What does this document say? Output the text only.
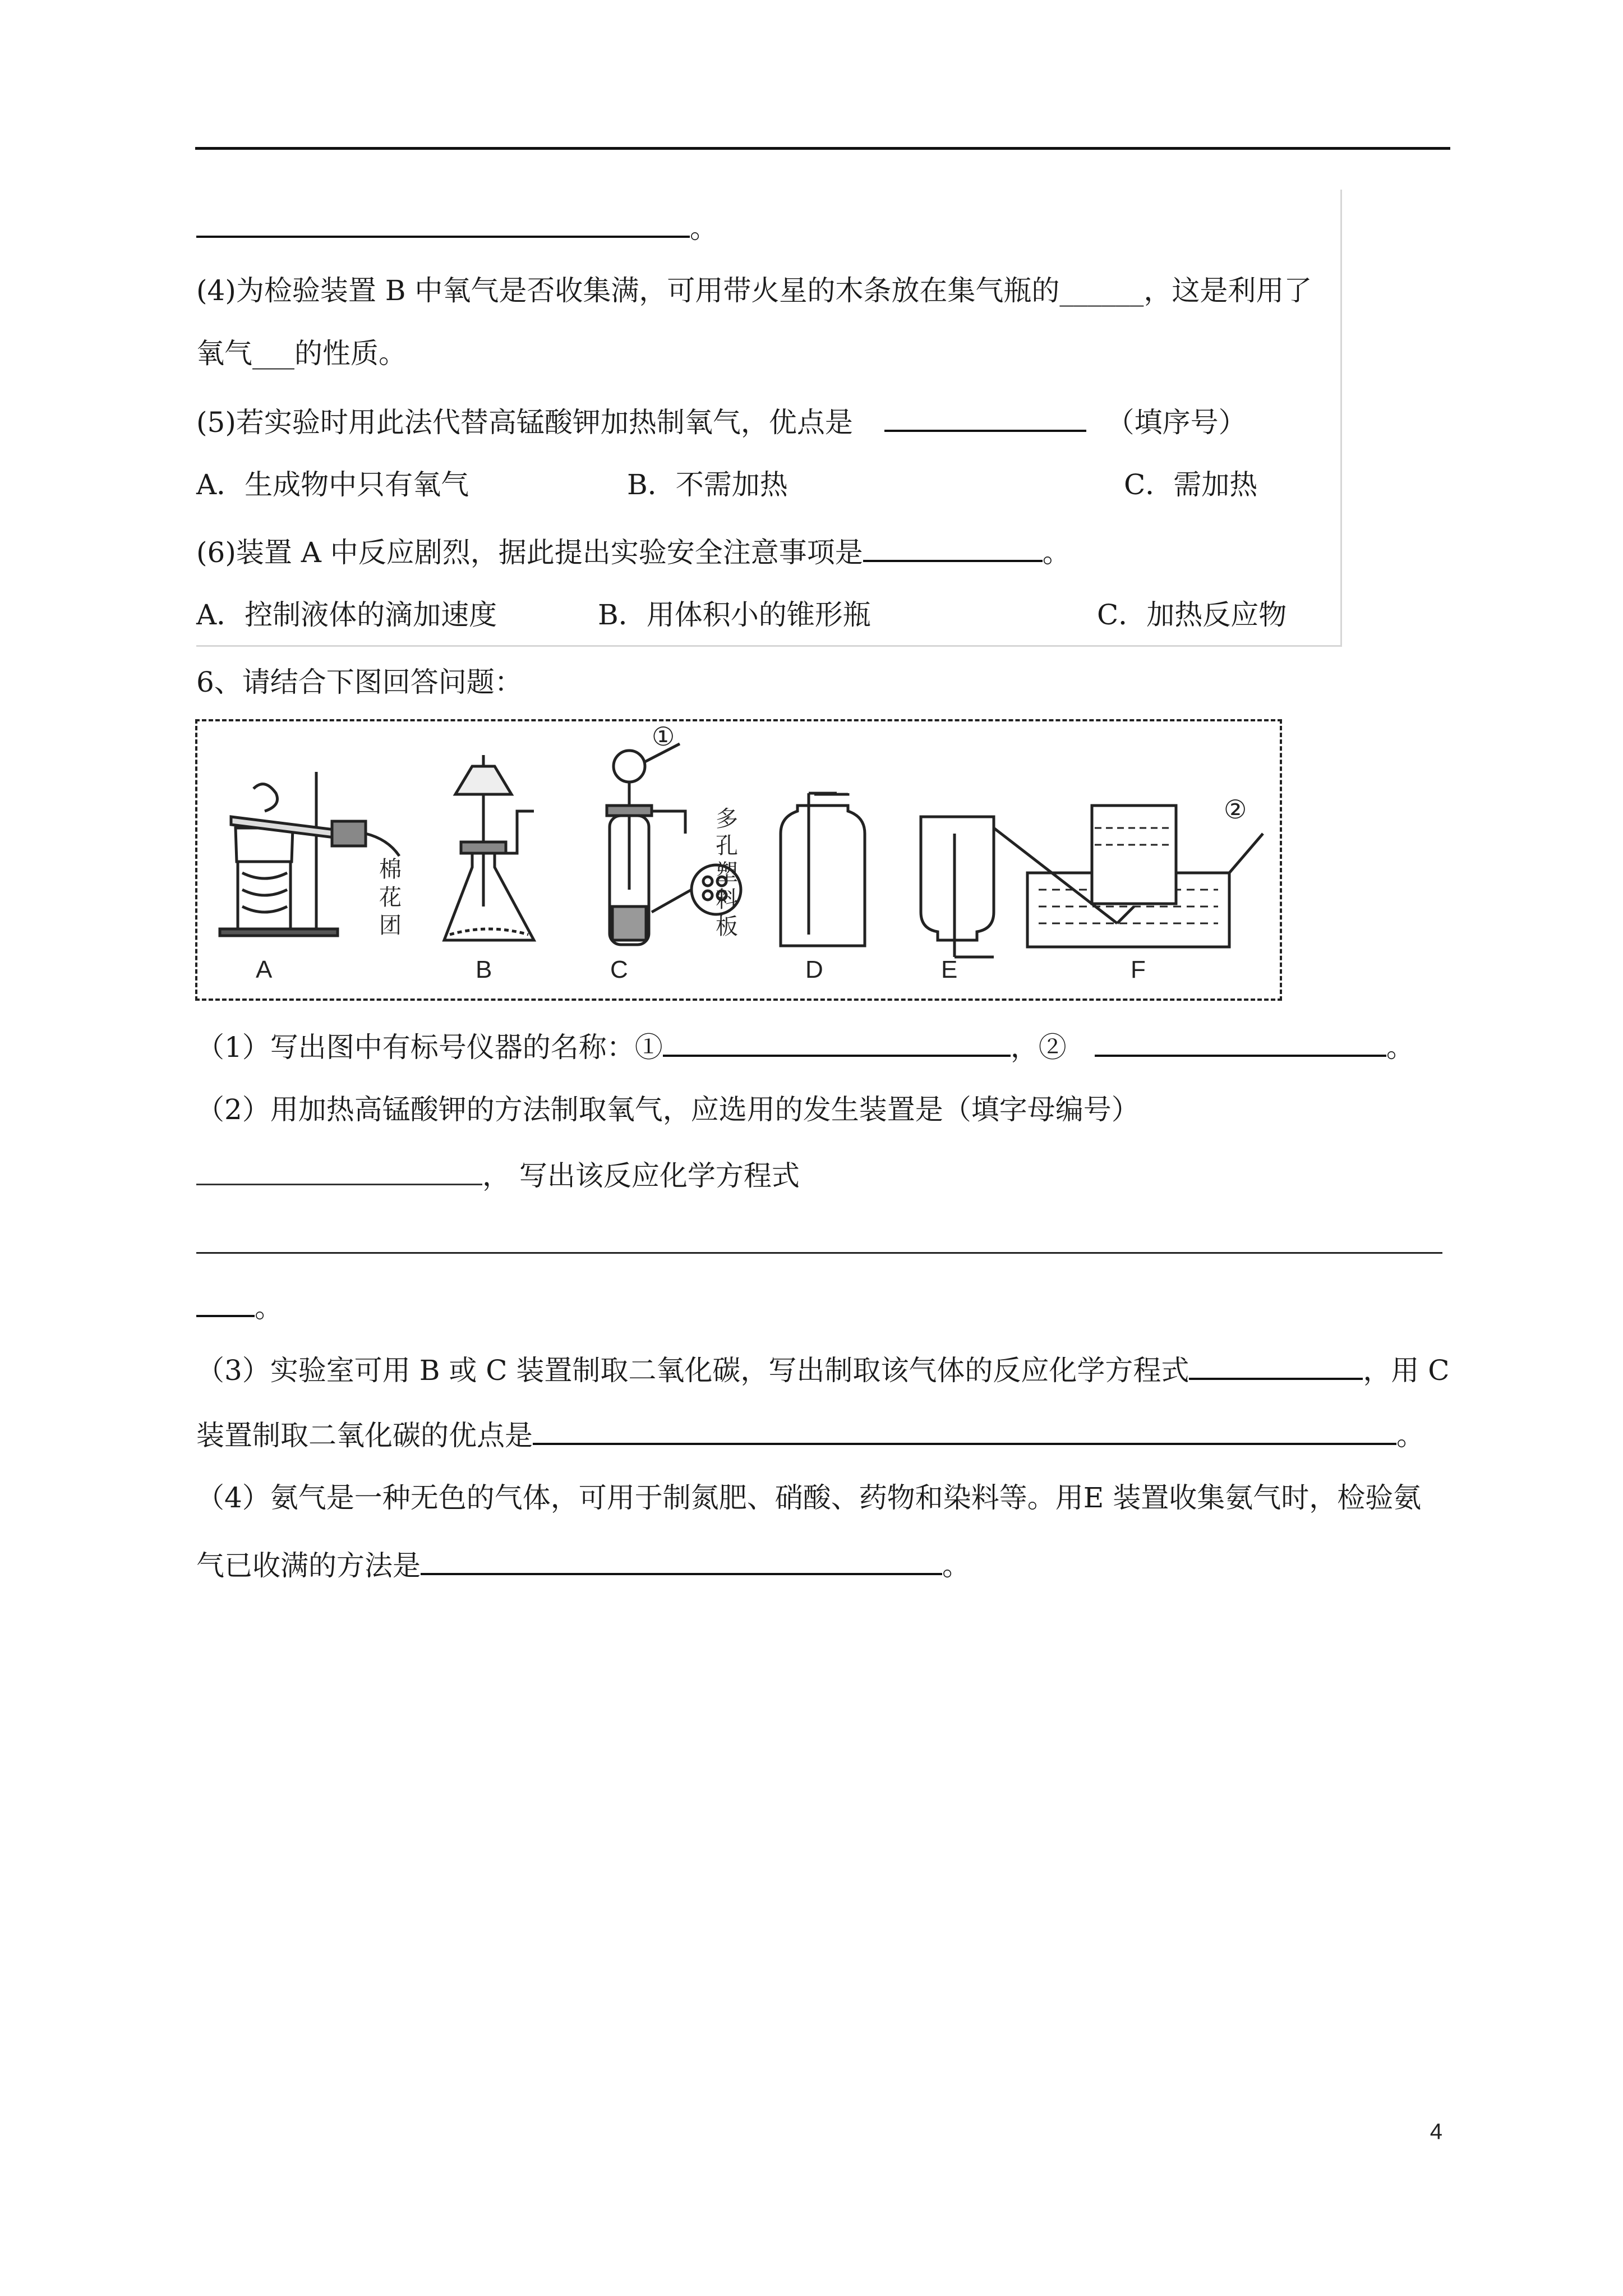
。
(4)为检验装置 B 中氧气是否收集满，可用带火星的木条放在集气瓶的______，这是利用了
氧气___的性质。
(5)若实验时用此法代替高锰酸钾加热制氧气，优点是	（填序号）
A．生成物中只有氧气	B．不需加热	C．需加热
(6)装置 A 中反应剧烈，据此提出实验安全注意事项是	。
A．控制液体的滴加速度	B．用体积小的锥形瓶	C．加热反应物
6、请结合下图回答问题：
A	B	C	D	E	F
①
②
棉
花
团
多
孔
塑
料
板
（1）写出图中有标号仪器的名称：①	，②	。
（2）用加热高锰酸钾的方法制取氧气，应选用的发生装置是（填字母编号）
， 写出该反应化学方程式
。
（3）实验室可用 B 或 C 装置制取二氧化碳，写出制取该气体的反应化学方程式	，用 C
装置制取二氧化碳的优点是	。
（4）氨气是一种无色的气体，可用于制氮肥、硝酸、药物和染料等。用E 装置收集氨气时，检验氨
气已收满的方法是	。
4
